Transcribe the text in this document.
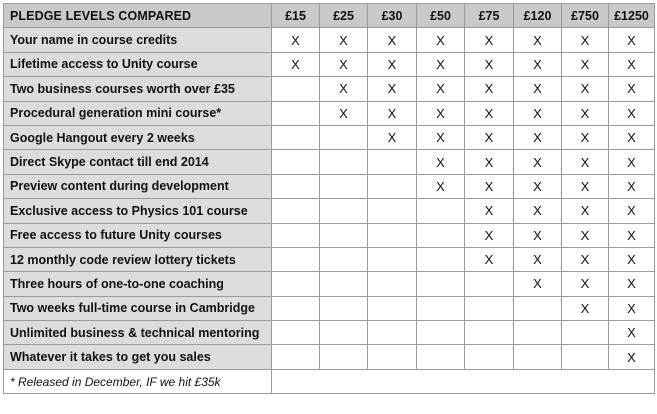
PLEDGE LEVELS COMPARED	£15	£25	£30	£50	£75	£120	£750	£1250
Your name in course credits	X	X	X	X	X	X	X	X
Lifetime access to Unity course	X	X	X	X	X	X	X	X
Two business courses worth over £35		X	X	X	X	X	X	X
Procedural generation mini course*		X	X	X	X	X	X	X
Google Hangout every 2 weeks			X	X	X	X	X	X
Direct Skype contact till end 2014				X	X	X	X	X
Preview content during development				X	X	X	X	X
Exclusive access to Physics 101 course					X	X	X	X
Free access to future Unity courses					X	X	X	X
12 monthly code review lottery tickets					X	X	X	X
Three hours of one-to-one coaching						X	X	X
Two weeks full-time course in Cambridge							X	X
Unlimited business & technical mentoring								X
Whatever it takes to get you sales								X
* Released in December, IF we hit £35k								
